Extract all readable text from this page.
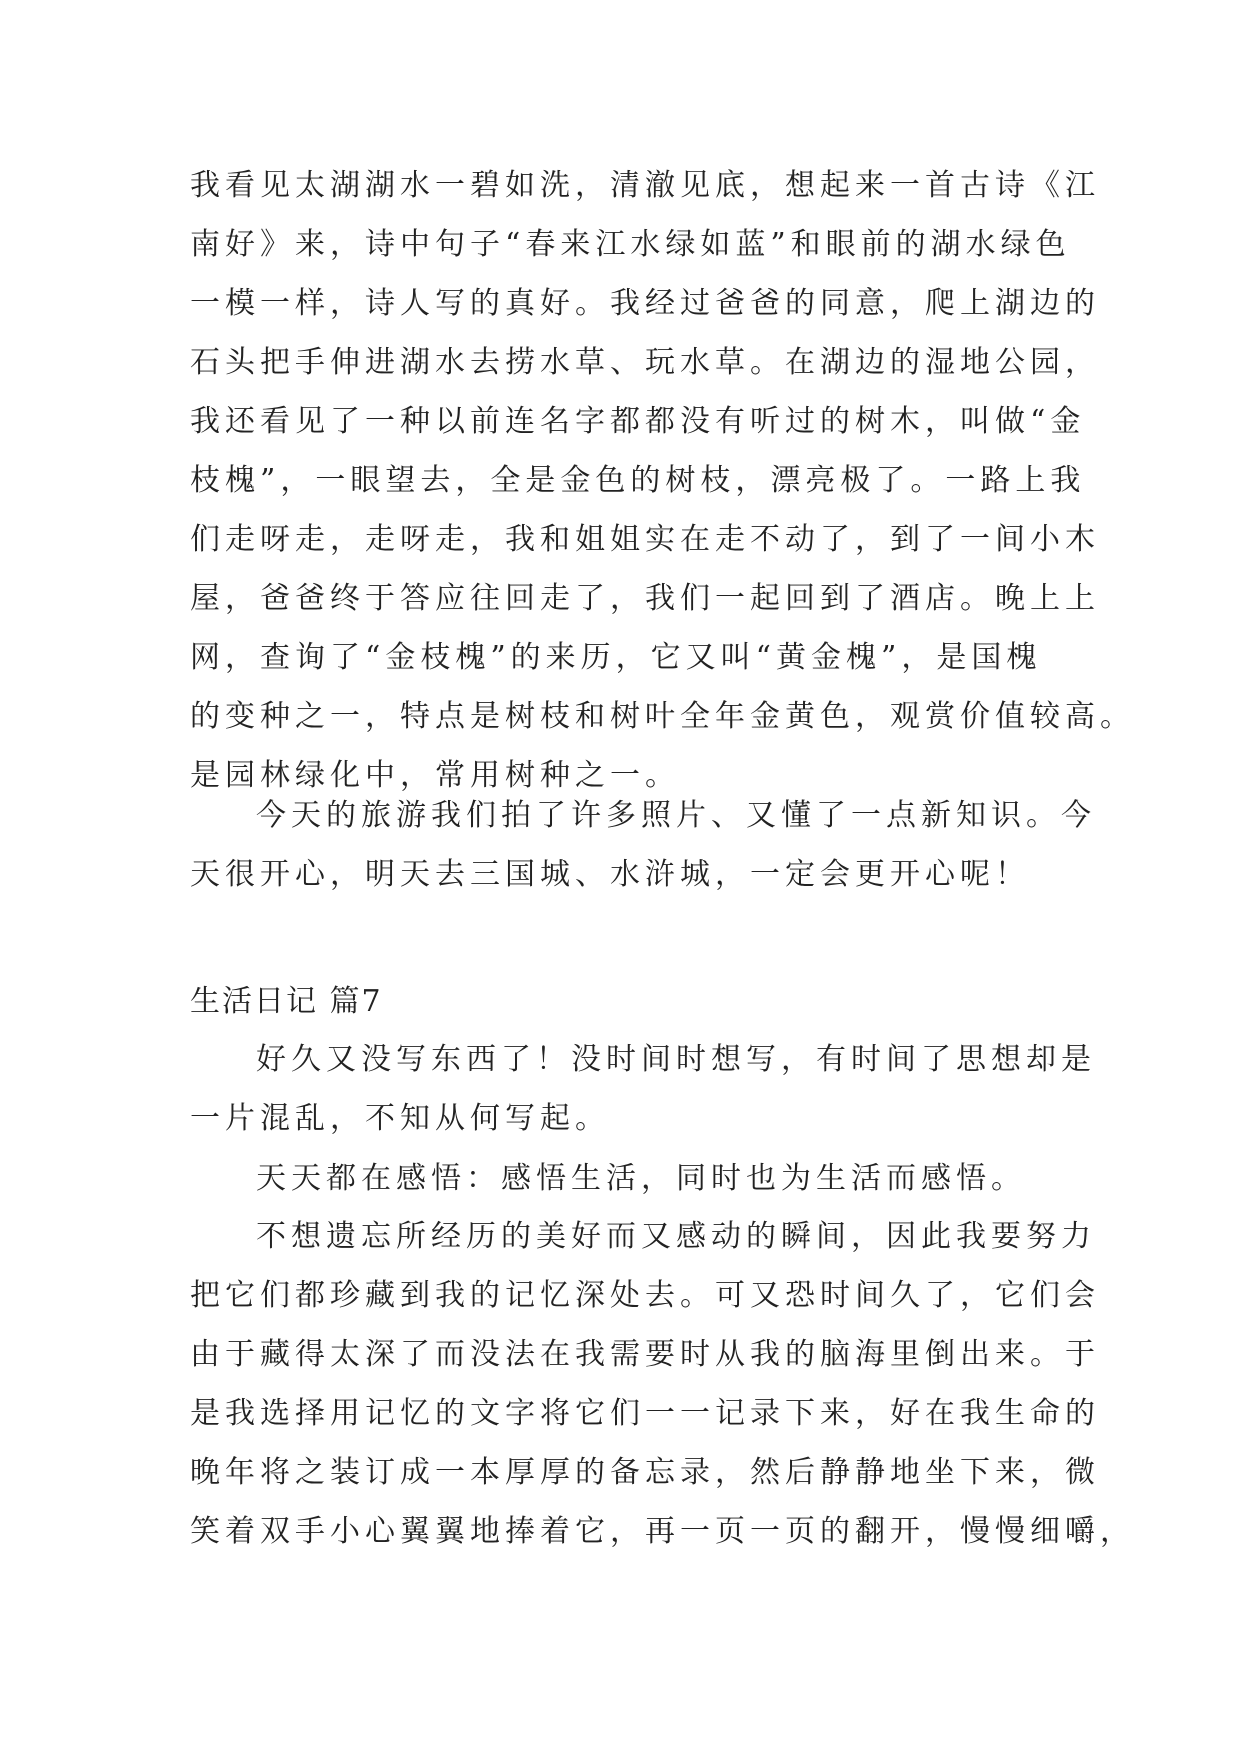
我看见太湖湖水一碧如洗，清澈见底，想起来一首古诗《江
南好》来，诗中句子“春来江水绿如蓝”和眼前的湖水绿色
一模一样，诗人写的真好。我经过爸爸的同意，爬上湖边的
石头把手伸进湖水去捞水草、玩水草。在湖边的湿地公园，
我还看见了一种以前连名字都都没有听过的树木，叫做“金
枝槐”，一眼望去，全是金色的树枝，漂亮极了。一路上我
们走呀走，走呀走，我和姐姐实在走不动了，到了一间小木
屋，爸爸终于答应往回走了，我们一起回到了酒店。晚上上
网，查询了“金枝槐”的来历，它又叫“黄金槐”，是国槐
的变种之一，特点是树枝和树叶全年金黄色，观赏价值较高。
是园林绿化中，常用树种之一。
今天的旅游我们拍了许多照片、又懂了一点新知识。今
天很开心，明天去三国城、水浒城，一定会更开心呢！
生活日记 篇7
好久又没写东西了！没时间时想写，有时间了思想却是
一片混乱，不知从何写起。
天天都在感悟：感悟生活，同时也为生活而感悟。
不想遗忘所经历的美好而又感动的瞬间，因此我要努力
把它们都珍藏到我的记忆深处去。可又恐时间久了，它们会
由于藏得太深了而没法在我需要时从我的脑海里倒出来。于
是我选择用记忆的文字将它们一一记录下来，好在我生命的
晚年将之装订成一本厚厚的备忘录，然后静静地坐下来，微
笑着双手小心翼翼地捧着它，再一页一页的翻开，慢慢细嚼，
